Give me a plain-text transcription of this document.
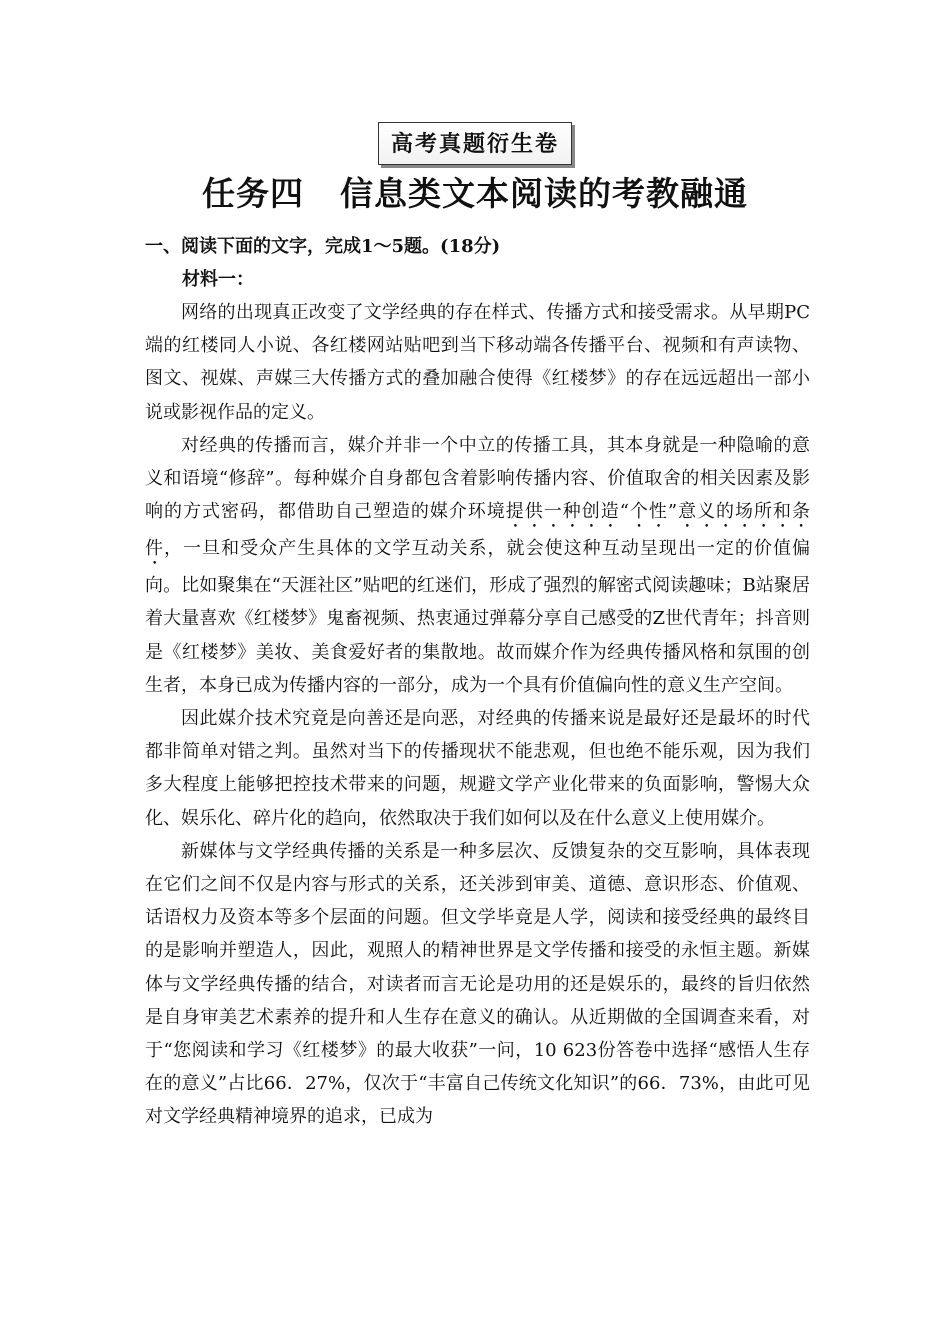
高考真题衍生卷
任务四 信息类文本阅读的考教融通
一、阅读下面的文字，完成1～5题。(18分)
材料一：

网络的出现真正改变了文学经典的存在样式、传播方式和接受需求。从早期PC端的红楼同人小说、各红楼网站贴吧到当下移动端各传播平台、视频和有声读物、图文、视媒、声媒三大传播方式的叠加融合使得《红楼梦》的存在远远超出一部小说或影视作品的定义。

对经典的传播而言，媒介并非一个中立的传播工具，其本身就是一种隐喻的意义和语境“修辞”。每种媒介自身都包含着影响传播内容、价值取舍的相关因素及影响的方式密码，都借助自己塑造的媒介环境提供一种创造“个性”意义的场所和条件，一旦和受众产生具体的文学互动关系，就会使这种互动呈现出一定的价值偏向。比如聚集在“天涯社区”贴吧的红迷们，形成了强烈的解密式阅读趣味；B站聚居着大量喜欢《红楼梦》鬼畜视频、热衷通过弹幕分享自己感受的Z世代青年；抖音则是《红楼梦》美妆、美食爱好者的集散地。故而媒介作为经典传播风格和氛围的创生者，本身已成为传播内容的一部分，成为一个具有价值偏向性的意义生产空间。

因此媒介技术究竟是向善还是向恶，对经典的传播来说是最好还是最坏的时代都非简单对错之判。虽然对当下的传播现状不能悲观，但也绝不能乐观，因为我们多大程度上能够把控技术带来的问题，规避文学产业化带来的负面影响，警惕大众化、娱乐化、碎片化的趋向，依然取决于我们如何以及在什么意义上使用媒介。

新媒体与文学经典传播的关系是一种多层次、反馈复杂的交互影响，具体表现在它们之间不仅是内容与形式的关系，还关涉到审美、道德、意识形态、价值观、话语权力及资本等多个层面的问题。但文学毕竟是人学，阅读和接受经典的最终目的是影响并塑造人，因此，观照人的精神世界是文学传播和接受的永恒主题。新媒体与文学经典传播的结合，对读者而言无论是功用的还是娱乐的，最终的旨归依然是自身审美艺术素养的提升和人生存在意义的确认。从近期做的全国调查来看，对于“您阅读和学习《红楼梦》的最大收获”一问，10 623份答卷中选择“感悟人生存在的意义”占比66．27%，仅次于“丰富自己传统文化知识”的66．73%，由此可见对文学经典精神境界的追求，已成为
